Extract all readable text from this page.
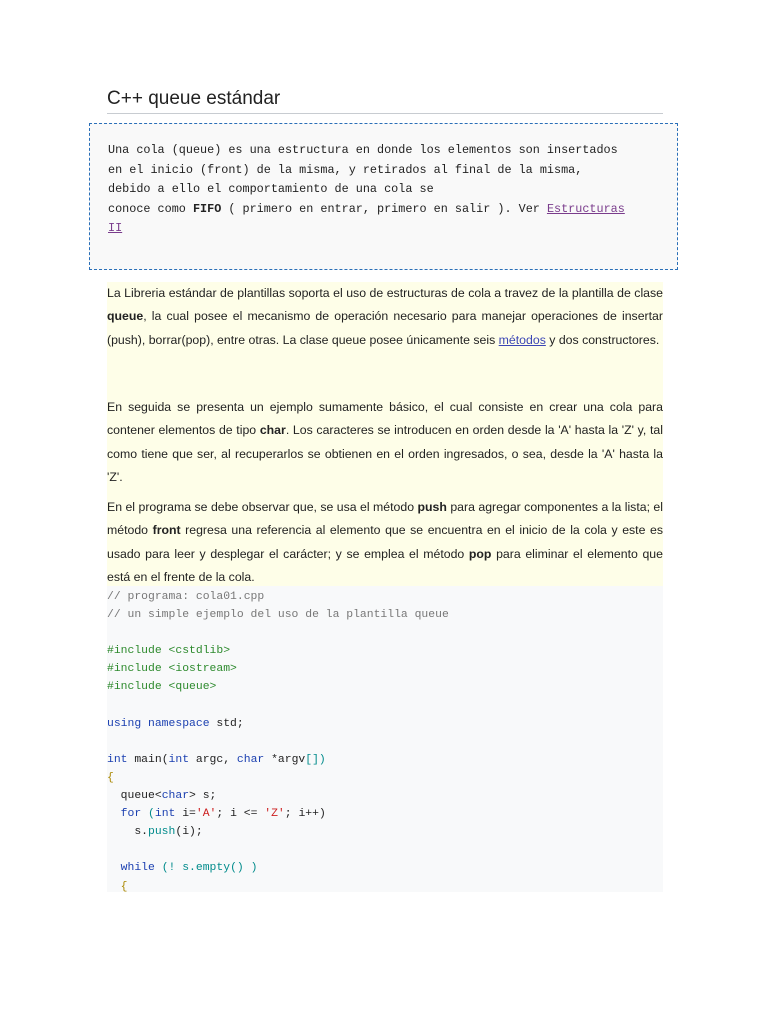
C++ queue estándar
Una cola (queue) es una estructura en donde los elementos son insertados
en el inicio (front) de la misma, y retirados al final de la misma,
debido a ello el comportamiento de una cola se
conoce como FIFO ( primero en entrar, primero en salir ). Ver Estructuras
II

La Libreria estándar de plantillas soporta el uso de estructuras de cola a travez de la plantilla de clase queue, la cual posee el mecanismo de operación necesario para manejar operaciones de insertar (push), borrar(pop), entre otras. La clase queue posee únicamente seis métodos y dos constructores.

En seguida se presenta un ejemplo sumamente básico, el cual consiste en crear una cola para contener elementos de tipo char. Los caracteres se introducen en orden desde la 'A' hasta la 'Z' y, tal como tiene que ser, al recuperarlos se obtienen en el orden ingresados, o sea, desde la 'A' hasta la 'Z'.

En el programa se debe observar que, se usa el método push para agregar componentes a la lista; el método front regresa una referencia al elemento que se encuentra en el inicio de la cola y este es usado para leer y desplegar el carácter; y se emplea el método pop para eliminar el elemento que está en el frente de la cola.

// programa: cola01.cpp
// un simple ejemplo del uso de la plantilla queue
#include <cstdlib>
#include <iostream>
#include <queue>
using namespace std;
int main(int argc, char *argv[])
{
queue<char> s;
for (int i='A'; i <= 'Z'; i++)
s.push(i);
while (! s.empty() )
{
